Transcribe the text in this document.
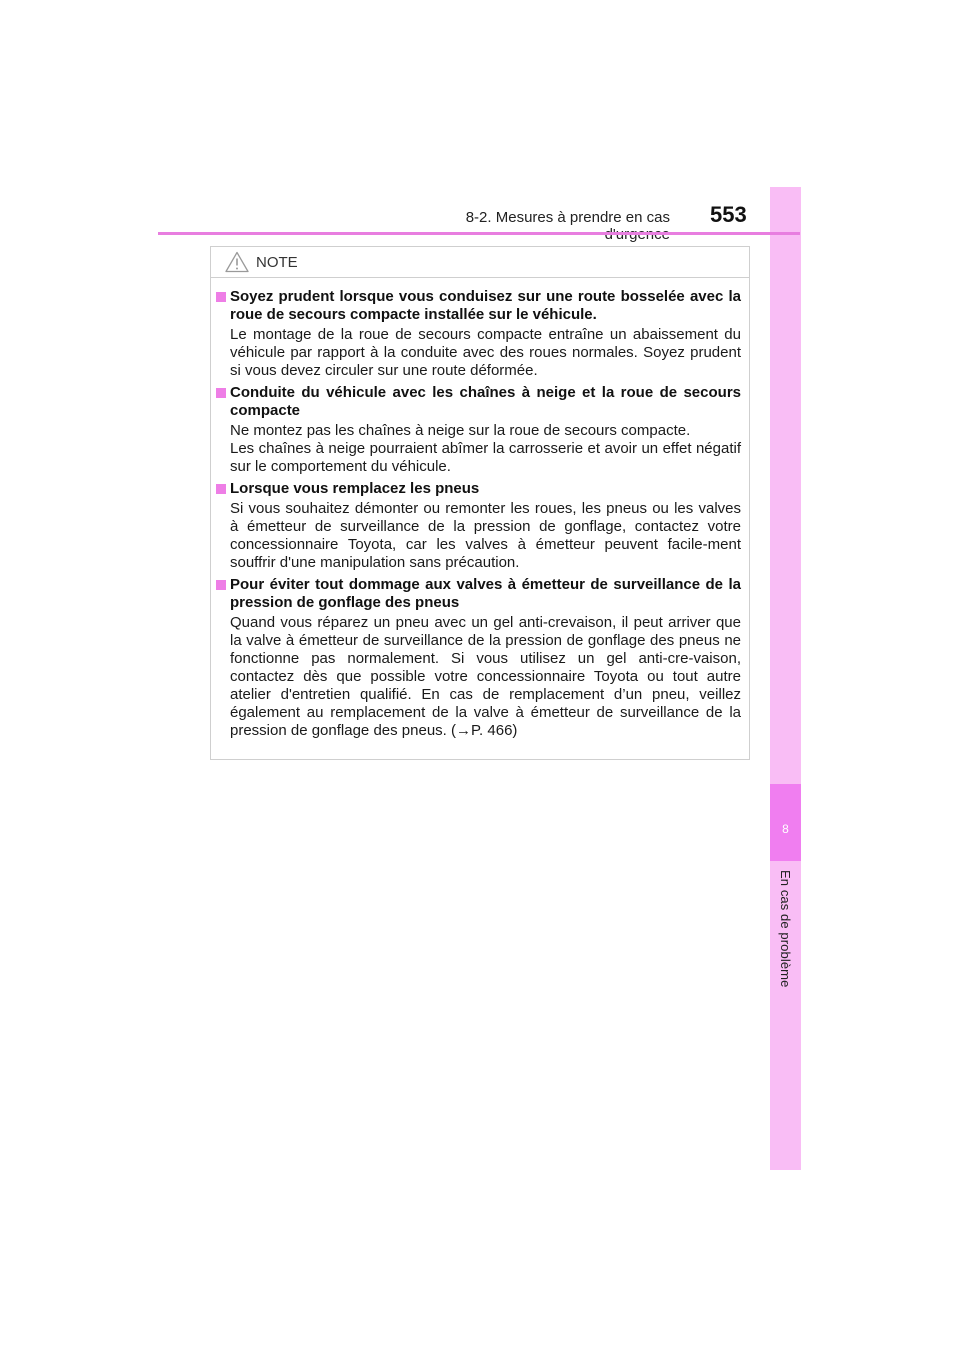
8
En cas de problème
8-2. Mesures à prendre en cas 553
NOTE
Soyez prudent lorsque vous conduisez sur une route bosselée avec la roue de secours compacte installée sur le véhicule.
Le montage de la roue de secours compacte entraîne un abaissement du véhicule par rapport à la conduite avec des roues normales. Soyez prudent si vous devez circuler sur une route déformée.
Conduite du véhicule avec les chaînes à neige et la roue de secours compacte
Ne montez pas les chaînes à neige sur la roue de secours compacte.
Les chaînes à neige pourraient abîmer la carrosserie et avoir un effet négatif sur le comportement du véhicule.
Lorsque vous remplacez les pneus
Si vous souhaitez démonter ou remonter les roues, les pneus ou les valves à émetteur de surveillance de la pression de gonflage, contactez votre concessionnaire Toyota, car les valves à émetteur peuvent facile-ment souffrir d'une manipulation sans précaution.
Pour éviter tout dommage aux valves à émetteur de surveillance de la pression de gonflage des pneus
Quand vous réparez un pneu avec un gel anti-crevaison, il peut arriver que la valve à émetteur de surveillance de la pression de gonflage des pneus ne fonctionne pas normalement. Si vous utilisez un gel anti-cre-vaison, contactez dès que possible votre concessionnaire Toyota ou tout autre atelier d'entretien qualifié. En cas de remplacement d’un pneu, veillez également au remplacement de la valve à émetteur de surveillance de la pression de gonflage des pneus. (→P. 466)
